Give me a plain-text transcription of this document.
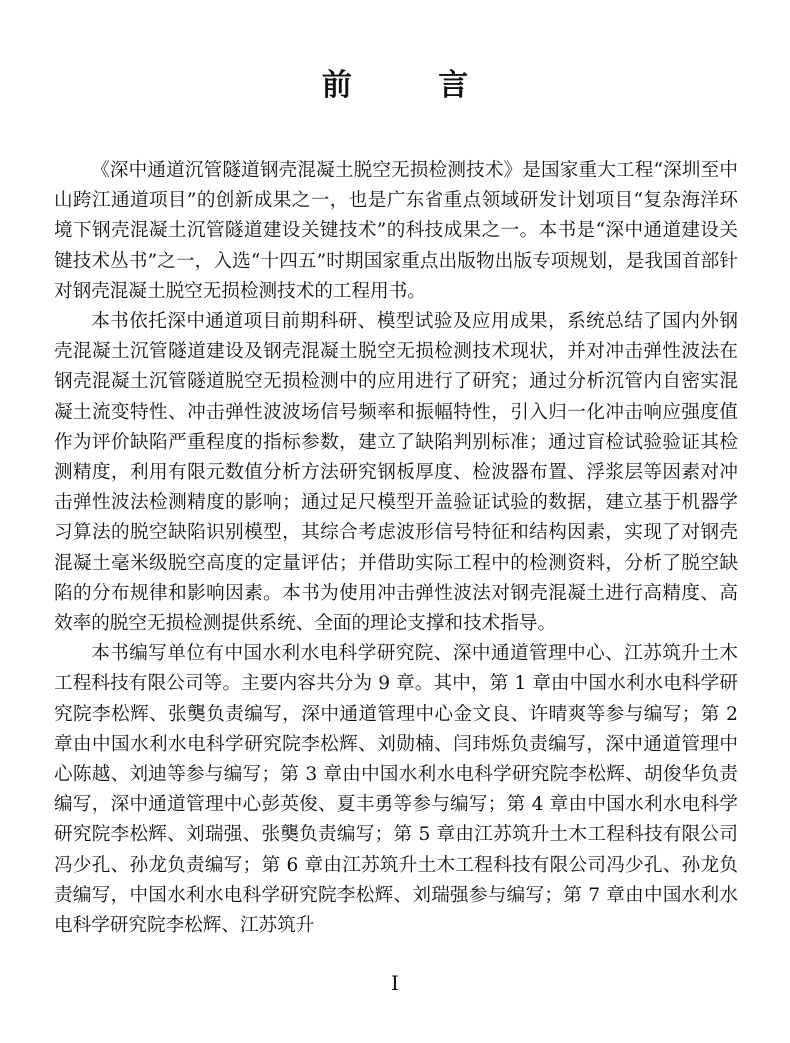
前 言

《深中通道沉管隧道钢壳混凝土脱空无损检测技术》是国家重大工程“深圳至中山跨江通道项目”的创新成果之一，也是广东省重点领域研发计划项目“复杂海洋环境下钢壳混凝土沉管隧道建设关键技术”的科技成果之一。本书是“深中通道建设关键技术丛书”之一，入选“十四五”时期国家重点出版物出版专项规划，是我国首部针对钢壳混凝土脱空无损检测技术的工程用书。

本书依托深中通道项目前期科研、模型试验及应用成果，系统总结了国内外钢壳混凝土沉管隧道建设及钢壳混凝土脱空无损检测技术现状，并对冲击弹性波法在钢壳混凝土沉管隧道脱空无损检测中的应用进行了研究；通过分析沉管内自密实混凝土流变特性、冲击弹性波波场信号频率和振幅特性，引入归一化冲击响应强度值作为评价缺陷严重程度的指标参数，建立了缺陷判别标准；通过盲检试验验证其检测精度，利用有限元数值分析方法研究钢板厚度、检波器布置、浮浆层等因素对冲击弹性波法检测精度的影响；通过足尺模型开盖验证试验的数据，建立基于机器学习算法的脱空缺陷识别模型，其综合考虑波形信号特征和结构因素，实现了对钢壳混凝土毫米级脱空高度的定量评估；并借助实际工程中的检测资料，分析了脱空缺陷的分布规律和影响因素。本书为使用冲击弹性波法对钢壳混凝土进行高精度、高效率的脱空无损检测提供系统、全面的理论支撑和技术指导。

本书编写单位有中国水利水电科学研究院、深中通道管理中心、江苏筑升土木工程科技有限公司等。主要内容共分为 9 章。其中，第 1 章由中国水利水电科学研究院李松辉、张龑负责编写，深中通道管理中心金文良、许晴爽等参与编写；第 2 章由中国水利水电科学研究院李松辉、刘勋楠、闫玮烁负责编写，深中通道管理中心陈越、刘迪等参与编写；第 3 章由中国水利水电科学研究院李松辉、胡俊华负责编写，深中通道管理中心彭英俊、夏丰勇等参与编写；第 4 章由中国水利水电科学研究院李松辉、刘瑞强、张龑负责编写；第 5 章由江苏筑升土木工程科技有限公司冯少孔、孙龙负责编写；第 6 章由江苏筑升土木工程科技有限公司冯少孔、孙龙负责编写，中国水利水电科学研究院李松辉、刘瑞强参与编写；第 7 章由中国水利水电科学研究院李松辉、江苏筑升

I
